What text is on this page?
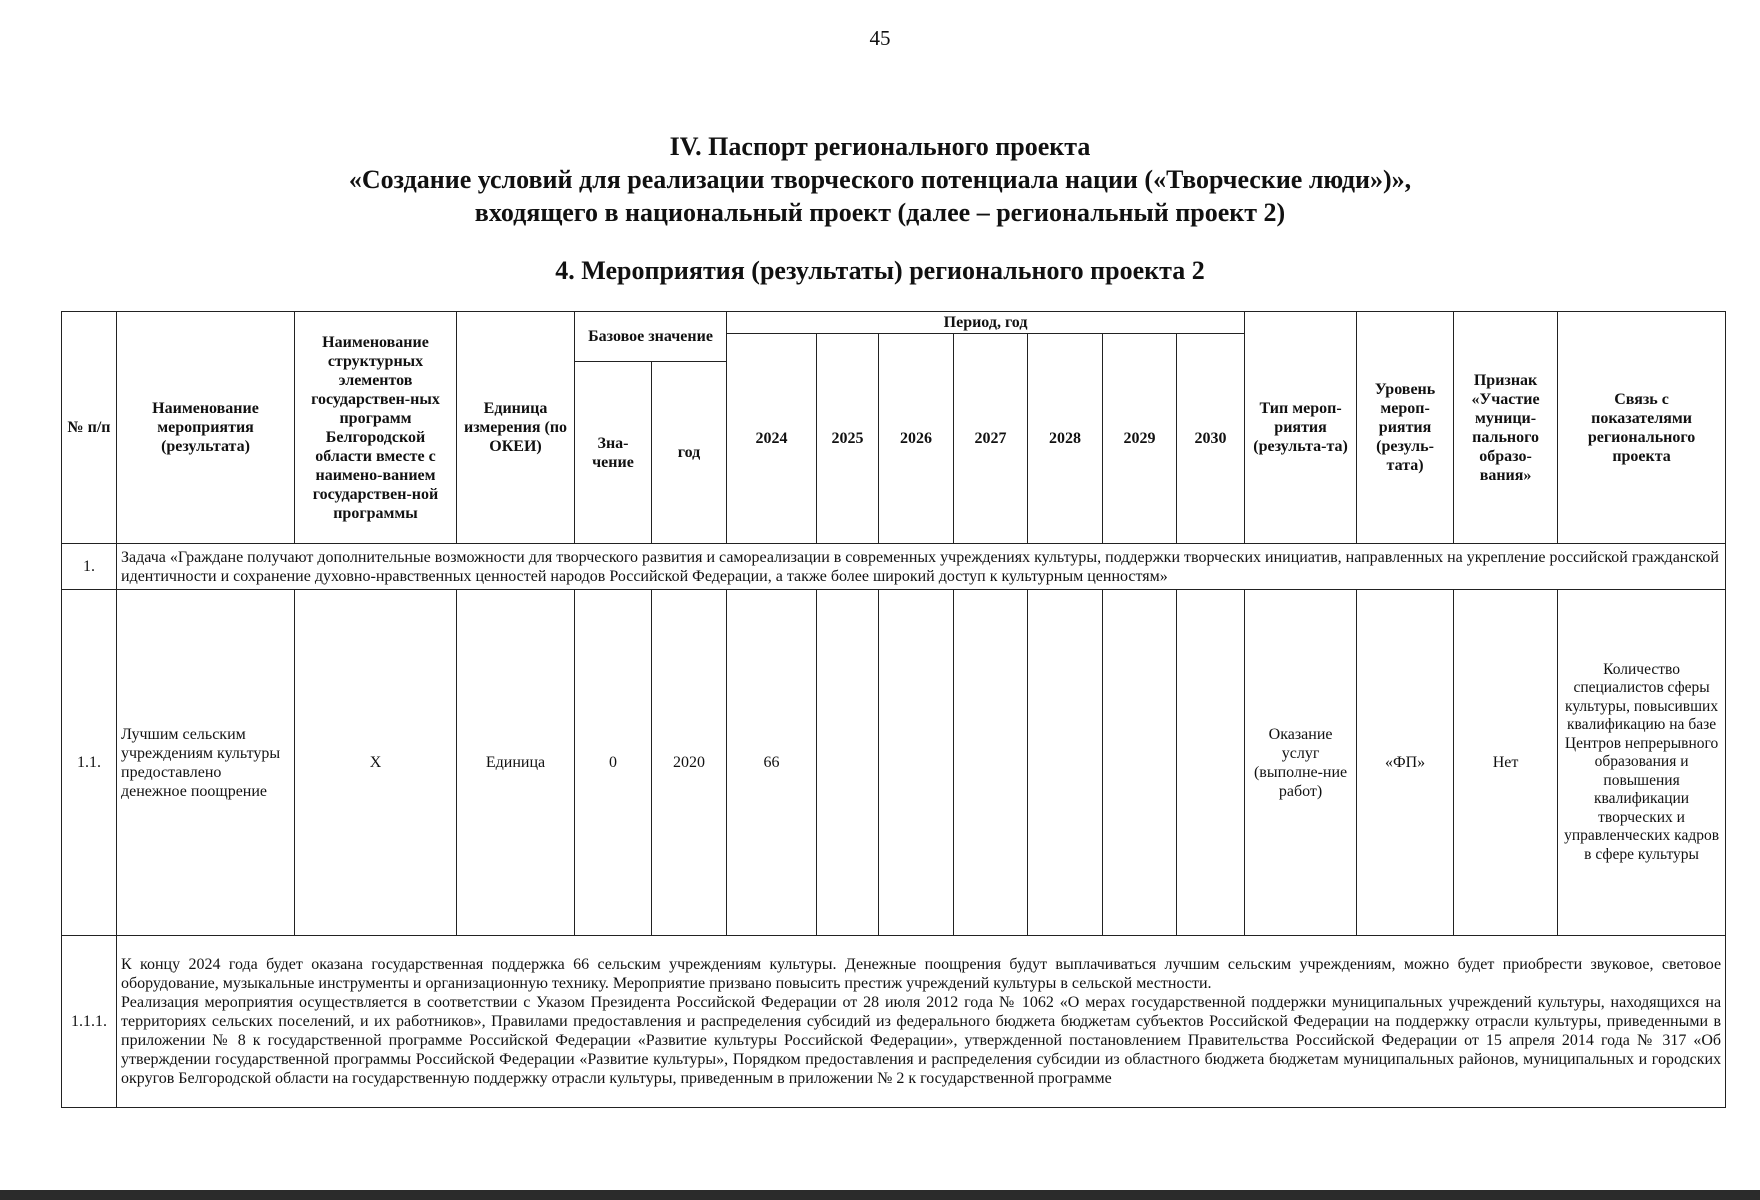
45
IV. Паспорт регионального проекта
«Создание условий для реализации творческого потенциала нации («Творческие люди»)»,
входящего в национальный проект (далее – региональный проект 2)
4. Мероприятия (результаты) регионального проекта 2
№ п/п	Наименование мероприятия (результата)	Наименование структурных элементов государствен-ных программ Белгородской области вместе с наимено-ванием государствен-ной программы	Единица измерения (по ОКЕИ)	Базовое значение		Период, год							Тип мероп-риятия (результа-та)	Уровень мероп-риятия (резуль-тата)	Признак «Участие муници-пального образо-вания»	Связь с показателями регионального проекта
						2024	2025	2026	2027	2028	2029	2030				
				Зна-чение	год											
1.	Задача «Граждане получают дополнительные возможности для творческого развития и самореализации в современных учреждениях культуры, поддержки творческих инициатив, направленных на укрепление российской гражданской идентичности и сохранение духовно-нравственных ценностей народов Российской Федерации, а также более широкий доступ к культурным ценностям»															
1.1.	Лучшим сельским учреждениям культуры предоставлено денежное поощрение	Х	Единица	0	2020	66							Оказание услуг (выполне-ние работ)	«ФП»	Нет	Количество специалистов сферы культуры, повысивших квалификацию на базе Центров непрерывного образования и повышения квалификации творческих и управленческих кадров в сфере культуры
1.1.1.	К концу 2024 года будет оказана государственная поддержка 66 сельским учреждениям культуры. Денежные поощрения будут выплачиваться лучшим сельским учреждениям, можно будет приобрести звуковое, световое оборудование, музыкальные инструменты и организационную технику. Мероприятие призвано повысить престиж учреждений культуры в сельской местности.

Реализация мероприятия осуществляется в соответствии с Указом Президента Российской Федерации от 28 июля 2012 года № 1062 «О мерах государственной поддержки муниципальных учреждений культуры, находящихся на территориях сельских поселений, и их работников», Правилами предоставления и распределения субсидий из федерального бюджета бюджетам субъектов Российской Федерации на поддержку отрасли культуры, приведенными в приложении № 8 к государственной программе Российской Федерации «Развитие культуры Российской Федерации», утвержденной постановлением Правительства Российской Федерации от 15 апреля 2014 года № 317 «Об утверждении государственной программы Российской Федерации «Развитие культуры», Порядком предоставления и распределения субсидии из областного бюджета бюджетам муниципальных районов, муниципальных и городских округов Белгородской области на государственную поддержку отрасли культуры, приведенным в приложении № 2 к государственной программе															
